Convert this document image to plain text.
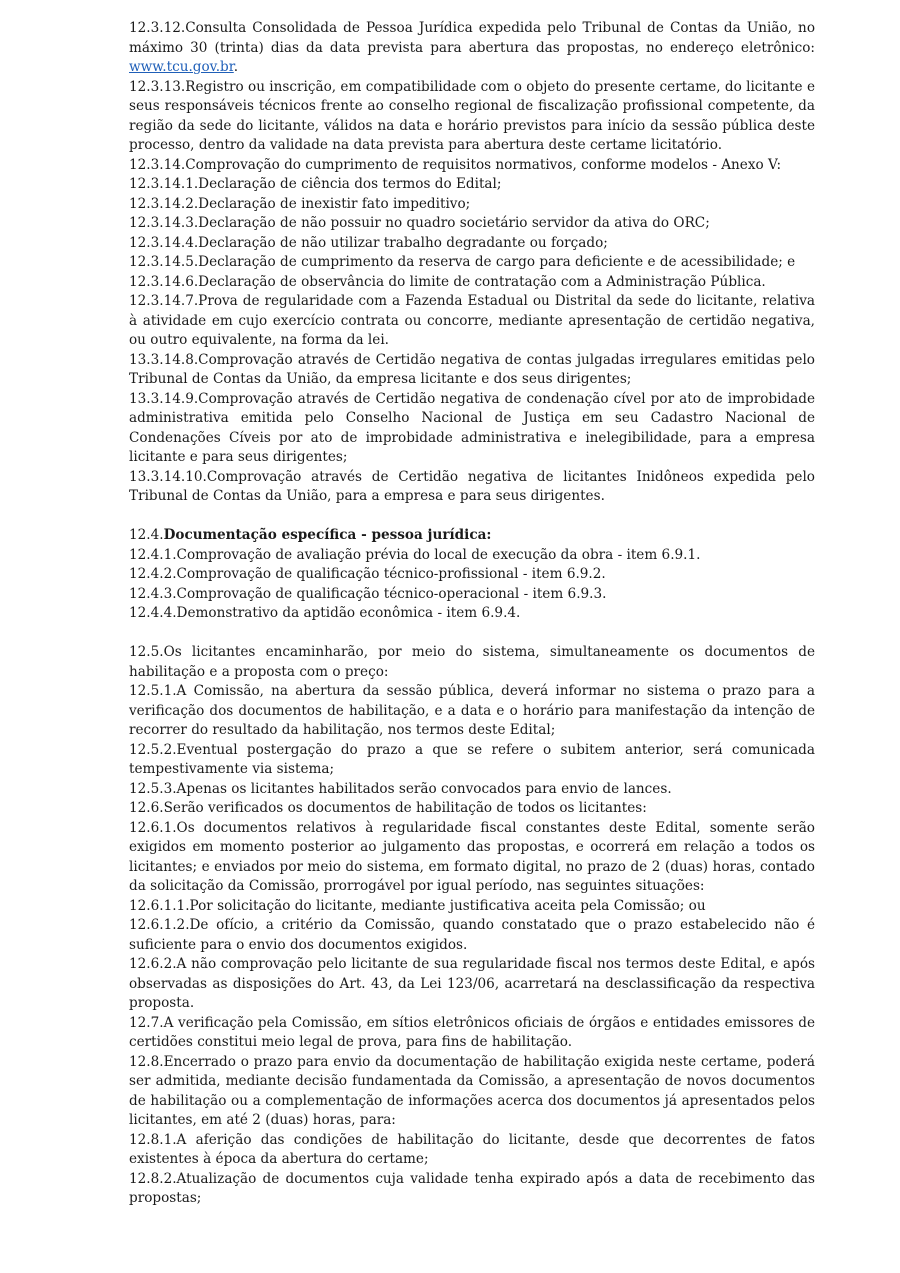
12.3.12.Consulta Consolidada de Pessoa Jurídica expedida pelo Tribunal de Contas da União, no máximo 30 (trinta) dias da data prevista para abertura das propostas, no endereço eletrônico: www.tcu.gov.br.

12.3.13.Registro ou inscrição, em compatibilidade com o objeto do presente certame, do licitante e seus responsáveis técnicos frente ao conselho regional de fiscalização profissional competente, da região da sede do licitante, válidos na data e horário previstos para início da sessão pública deste processo, dentro da validade na data prevista para abertura deste certame licitatório.

12.3.14.Comprovação do cumprimento de requisitos normativos, conforme modelos - Anexo V:

12.3.14.1.Declaração de ciência dos termos do Edital;

12.3.14.2.Declaração de inexistir fato impeditivo;

12.3.14.3.Declaração de não possuir no quadro societário servidor da ativa do ORC;

12.3.14.4.Declaração de não utilizar trabalho degradante ou forçado;

12.3.14.5.Declaração de cumprimento da reserva de cargo para deficiente e de acessibilidade; e

12.3.14.6.Declaração de observância do limite de contratação com a Administração Pública.

12.3.14.7.Prova de regularidade com a Fazenda Estadual ou Distrital da sede do licitante, relativa à atividade em cujo exercício contrata ou concorre, mediante apresentação de certidão negativa, ou outro equivalente, na forma da lei.

13.3.14.8.Comprovação através de Certidão negativa de contas julgadas irregulares emitidas pelo Tribunal de Contas da União, da empresa licitante e dos seus dirigentes;

13.3.14.9.Comprovação através de Certidão negativa de condenação cível por ato de improbidade administrativa emitida pelo Conselho Nacional de Justiça em seu Cadastro Nacional de Condenações Cíveis por ato de improbidade administrativa e inelegibilidade, para a empresa licitante e para seus dirigentes;

13.3.14.10.Comprovação através de Certidão negativa de licitantes Inidôneos expedida pelo Tribunal de Contas da União, para a empresa e para seus dirigentes.

12.4.Documentação específica - pessoa jurídica:

12.4.1.Comprovação de avaliação prévia do local de execução da obra - item 6.9.1.

12.4.2.Comprovação de qualificação técnico-profissional - item 6.9.2.

12.4.3.Comprovação de qualificação técnico-operacional - item 6.9.3.

12.4.4.Demonstrativo da aptidão econômica - item 6.9.4.

12.5.Os licitantes encaminharão, por meio do sistema, simultaneamente os documentos de habilitação e a proposta com o preço:

12.5.1.A Comissão, na abertura da sessão pública, deverá informar no sistema o prazo para a verificação dos documentos de habilitação, e a data e o horário para manifestação da intenção de recorrer do resultado da habilitação, nos termos deste Edital;

12.5.2.Eventual postergação do prazo a que se refere o subitem anterior, será comunicada tempestivamente via sistema;

12.5.3.Apenas os licitantes habilitados serão convocados para envio de lances.

12.6.Serão verificados os documentos de habilitação de todos os licitantes:

12.6.1.Os documentos relativos à regularidade fiscal constantes deste Edital, somente serão exigidos em momento posterior ao julgamento das propostas, e ocorrerá em relação a todos os licitantes; e enviados por meio do sistema, em formato digital, no prazo de 2 (duas) horas, contado da solicitação da Comissão, prorrogável por igual período, nas seguintes situações:

12.6.1.1.Por solicitação do licitante, mediante justificativa aceita pela Comissão; ou

12.6.1.2.De ofício, a critério da Comissão, quando constatado que o prazo estabelecido não é suficiente para o envio dos documentos exigidos.

12.6.2.A não comprovação pelo licitante de sua regularidade fiscal nos termos deste Edital, e após observadas as disposições do Art. 43, da Lei 123/06, acarretará na desclassificação da respectiva proposta.

12.7.A verificação pela Comissão, em sítios eletrônicos oficiais de órgãos e entidades emissores de certidões constitui meio legal de prova, para fins de habilitação.

12.8.Encerrado o prazo para envio da documentação de habilitação exigida neste certame, poderá ser admitida, mediante decisão fundamentada da Comissão, a apresentação de novos documentos de habilitação ou a complementação de informações acerca dos documentos já apresentados pelos licitantes, em até 2 (duas) horas, para:

12.8.1.A aferição das condições de habilitação do licitante, desde que decorrentes de fatos existentes à época da abertura do certame;

12.8.2.Atualização de documentos cuja validade tenha expirado após a data de recebimento das propostas;
